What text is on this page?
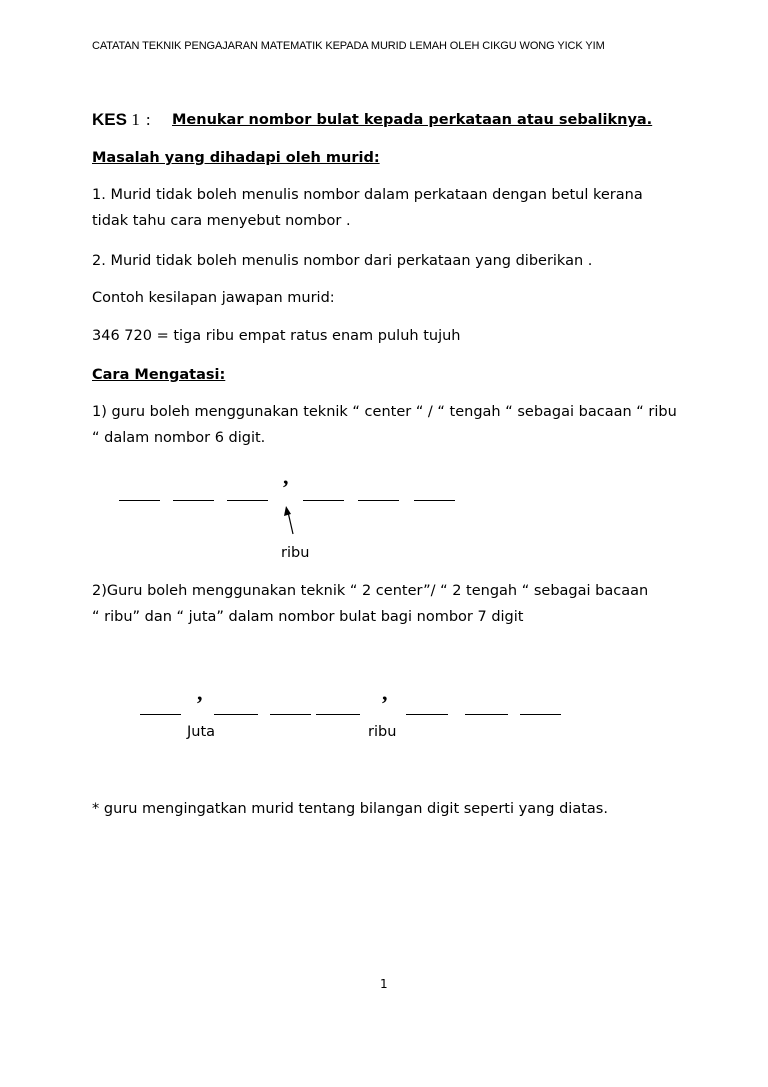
CATATAN TEKNIK PENGAJARAN MATEMATIK KEPADA MURID LEMAH OLEH CIKGU WONG YICK YIM
KES 1 : Menukar nombor bulat kepada perkataan atau sebaliknya.
Masalah yang dihadapi oleh murid:
1. Murid tidak boleh menulis nombor dalam perkataan dengan betul kerana
tidak tahu cara menyebut nombor .
2. Murid tidak boleh menulis nombor dari perkataan yang diberikan .
Contoh kesilapan jawapan murid:
346 720 = tiga ribu empat ratus enam puluh tujuh
Cara Mengatasi:
1) guru boleh menggunakan teknik “ center “ / “ tengah “ sebagai bacaan “ ribu
“ dalam nombor 6 digit.
,
ribu
2)Guru boleh menggunakan teknik “ 2 center”/ “ 2 tengah “ sebagai bacaan
“ ribu” dan “ juta” dalam nombor bulat bagi nombor 7 digit
,	,
Juta	ribu
* guru mengingatkan murid tentang bilangan digit seperti yang diatas.
1
